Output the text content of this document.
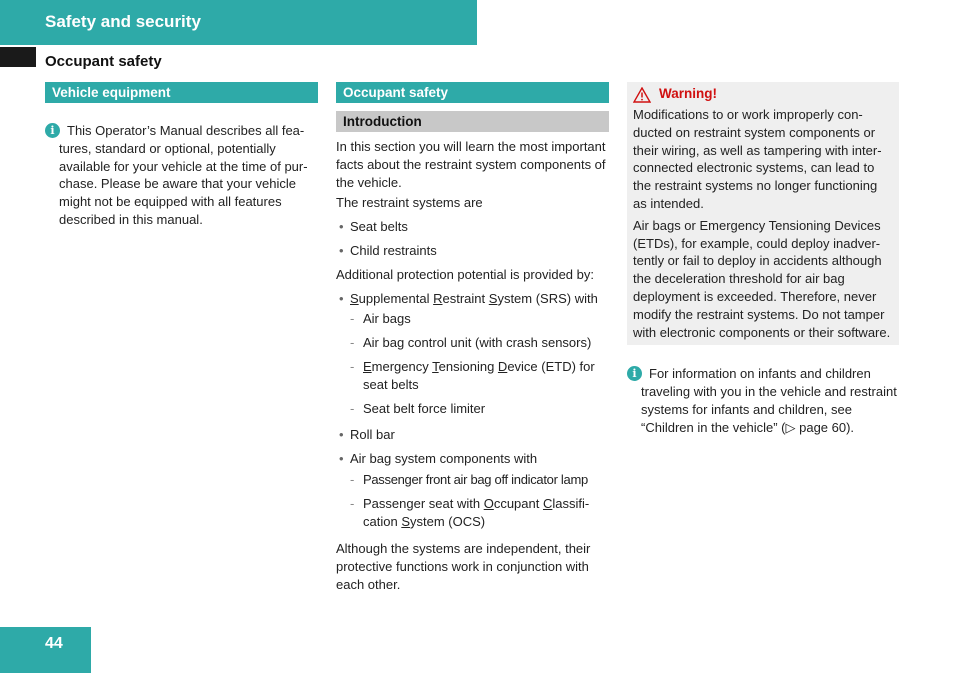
Safety and security
Occupant safety
Vehicle equipment
i This Operator’s Manual describes all features, standard or optional, potentially available for your vehicle at the time of purchase. Please be aware that your vehicle might not be equipped with all features described in this manual.

Occupant safety
Introduction

In this section you will learn the most important facts about the restraint system components of the vehicle.

The restraint systems are

• Seat belts
• Child restraints

Additional protection potential is provided by:

• Supplemental Restraint System (SRS) with
- Air bags
- Air bag control unit (with crash sensors)
- Emergency Tensioning Device (ETD) for seat belts
- Seat belt force limiter
• Roll bar
• Air bag system components with
- Passenger front air bag off indicator lamp
- Passenger seat with Occupant Classification System (OCS)

Although the systems are independent, their protective functions work in conjunction with each other.

Warning!

Modifications to or work improperly conducted on restraint system components or their wiring, as well as tampering with interconnected electronic systems, can lead to the restraint systems no longer functioning as intended.

Air bags or Emergency Tensioning Devices (ETDs), for example, could deploy inadvertently or fail to deploy in accidents although the deceleration threshold for air bag deployment is exceeded. Therefore, never modify the restraint systems. Do not tamper with electronic components or their software.

i For information on infants and children traveling with you in the vehicle and restraint systems for infants and children, see “Children in the vehicle” (▷ page 60).

44
